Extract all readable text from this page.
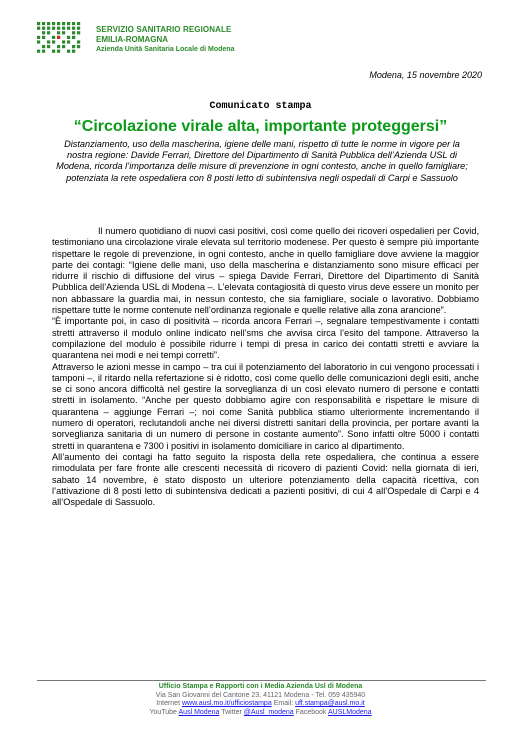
SERVIZIO SANITARIO REGIONALE
EMILIA-ROMAGNA
Azienda Unità Sanitaria Locale di Modena
Modena, 15 novembre 2020
Comunicato stampa
“Circolazione virale alta, importante proteggersi”
Distanziamento, uso della mascherina, igiene delle mani, rispetto di tutte le norme in vigore per la nostra regione: Davide Ferrari, Direttore del Dipartimento di Sanità Pubblica dell’Azienda USL di Modena, ricorda l’importanza delle misure di prevenzione in ogni contesto, anche in quello famigliare; potenziata la rete ospedaliera con 8 posti letto di subintensiva negli ospedali di Carpi e Sassuolo

Il numero quotidiano di nuovi casi positivi, così come quello dei ricoveri ospedalieri per Covid, testimoniano una circolazione virale elevata sul territorio modenese. Per questo è sempre più importante rispettare le regole di prevenzione, in ogni contesto, anche in quello famigliare dove avviene la maggior parte dei contagi: “Igiene delle mani, uso della mascherina e distanziamento sono misure efficaci per ridurre il rischio di diffusione del virus – spiega Davide Ferrari, Direttore del Dipartimento di Sanità Pubblica dell’Azienda USL di Modena –. L’elevata contagiosità di questo virus deve essere un monito per non abbassare la guardia mai, in nessun contesto, che sia famigliare, sociale o lavorativo. Dobbiamo rispettare tutte le norme contenute nell’ordinanza regionale e quelle relative alla zona arancione”.

“È importante poi, in caso di positività – ricorda ancora Ferrari –, segnalare tempestivamente i contatti stretti attraverso il modulo online indicato nell’sms che avvisa circa l’esito del tampone. Attraverso la compilazione del modulo è possibile ridurre i tempi di presa in carico dei contatti stretti e avviare la quarantena nei modi e nei tempi corretti”.

Attraverso le azioni messe in campo – tra cui il potenziamento del laboratorio in cui vengono processati i tamponi –, il ritardo nella refertazione si è ridotto, così come quello delle comunicazioni degli esiti, anche se ci sono ancora difficoltà nel gestire la sorveglianza di un così elevato numero di persone e contatti stretti in isolamento. “Anche per questo dobbiamo agire con responsabilità e rispettare le misure di quarantena – aggiunge Ferrari –; noi come Sanità pubblica stiamo ulteriormente incrementando il numero di operatori, reclutandoli anche nei diversi distretti sanitari della provincia, per portare avanti la sorveglianza sanitaria di un numero di persone in costante aumento”. Sono infatti oltre 5000 i contatti stretti in quarantena e 7300 i positivi in isolamento domiciliare in carico al dipartimento.

All’aumento dei contagi ha fatto seguito la risposta della rete ospedaliera, che continua a essere rimodulata per fare fronte alle crescenti necessità di ricovero di pazienti Covid: nella giornata di ieri, sabato 14 novembre, è stato disposto un ulteriore potenziamento della capacità ricettiva, con l’attivazione di 8 posti letto di subintensiva dedicati a pazienti positivi, di cui 4 all’Ospedale di Carpi e 4 all’Ospedale di Sassuolo.

Ufficio Stampa e Rapporti con i Media Azienda Usl di Modena
Via San Giovanni del Cantone 23, 41121 Modena - Tel. 059 435940
Internet www.ausl.mo.it/ufficiostampa Email: uff.stampa@ausl.mo.it
YouTube Ausl Modena Twitter @Ausl_modena Facebook AUSLModena
